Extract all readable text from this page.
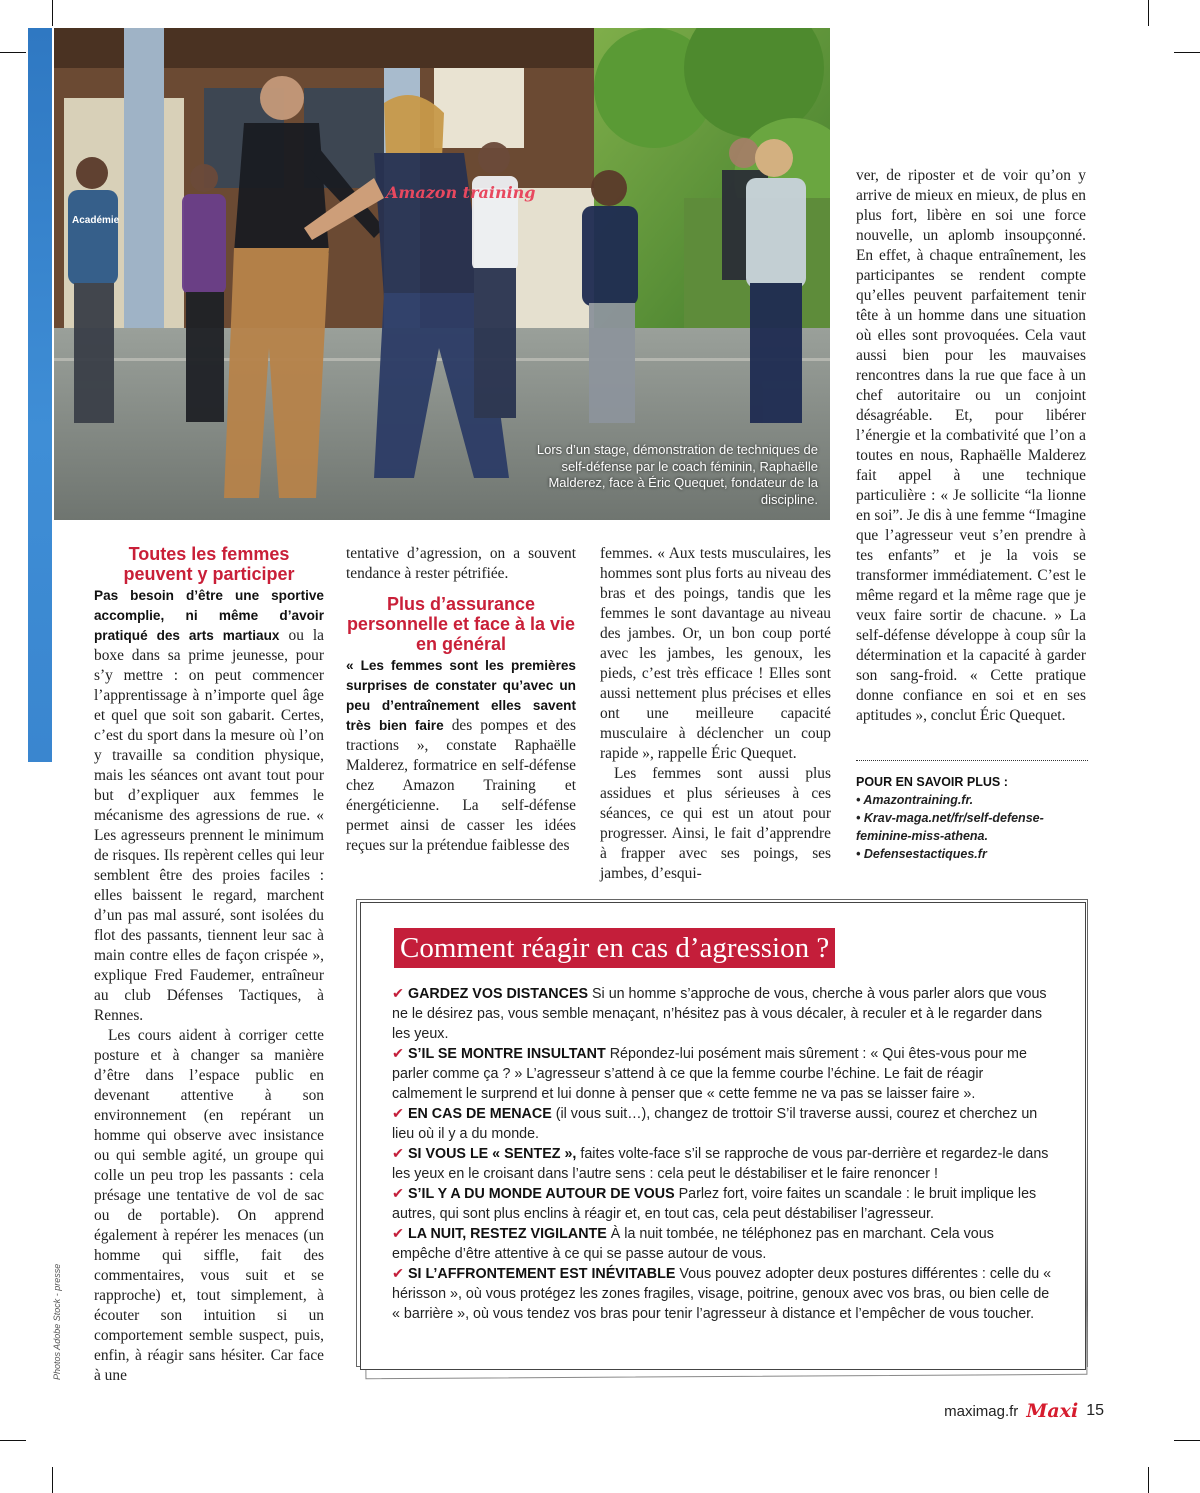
Amazon training
Académie
Lors d’un stage, démonstration de techniques de self-défense par le coach féminin, Raphaëlle Malderez, face à Éric Quequet, fondateur de la discipline.
Toutes les femmes peuvent y participer

Pas besoin d’être une sportive accomplie, ni même d’avoir pratiqué des arts martiaux ou la boxe dans sa prime jeunesse, pour s’y mettre : on peut commencer l’apprentissage à n’importe quel âge et quel que soit son gabarit. Certes, c’est du sport dans la mesure où l’on y travaille sa condition physique, mais les séances ont avant tout pour but d’expliquer aux femmes le mécanisme des agressions de rue. « Les agresseurs prennent le minimum de risques. Ils repèrent celles qui leur semblent être des proies faciles : elles baissent le regard, marchent d’un pas mal assuré, sont isolées du flot des passants, tiennent leur sac à main contre elles de façon crispée », explique Fred Faudemer, entraîneur au club Défenses Tactiques, à Rennes.

Les cours aident à corriger cette posture et à changer sa manière d’être dans l’espace public en devenant attentive à son environnement (en repérant un homme qui observe avec insistance ou qui semble agité, un groupe qui colle un peu trop les passants : cela présage une tentative de vol de sac ou de portable). On apprend également à repérer les menaces (un homme qui siffle, fait des commentaires, vous suit et se rapproche) et, tout simplement, à écouter son intuition si un comportement semble suspect, puis, enfin, à réagir sans hésiter. Car face à une

tentative d’agression, on a souvent tendance à rester pétrifiée.

Plus d’assurance personnelle et face à la vie en général

« Les femmes sont les premières surprises de constater qu’avec un peu d’entraînement elles savent très bien faire des pompes et des tractions », constate Raphaëlle Malderez, formatrice en self-défense chez Amazon Training et énergéticienne. La self-défense permet ainsi de casser les idées reçues sur la prétendue faiblesse des

femmes. « Aux tests musculaires, les hommes sont plus forts au niveau des bras et des poings, tandis que les femmes le sont davantage au niveau des jambes. Or, un bon coup porté avec les jambes, les genoux, les pieds, c’est très efficace ! Elles sont aussi nettement plus précises et elles ont une meilleure capacité musculaire à déclencher un coup rapide », rappelle Éric Quequet.

Les femmes sont aussi plus assidues et plus sérieuses à ces séances, ce qui est un atout pour progresser. Ainsi, le fait d’apprendre à frapper avec ses poings, ses jambes, d’esqui-

ver, de riposter et de voir qu’on y arrive de mieux en mieux, de plus en plus fort, libère en soi une force nouvelle, un aplomb insoupçonné. En effet, à chaque entraînement, les participantes se rendent compte qu’elles peuvent parfaitement tenir tête à un homme dans une situation où elles sont provoquées. Cela vaut aussi bien pour les mauvaises rencontres dans la rue que face à un chef autoritaire ou un conjoint désagréable. Et, pour libérer l’énergie et la combativité que l’on a toutes en nous, Raphaëlle Malderez fait appel à une technique particulière : « Je sollicite “la lionne en soi”. Je dis à une femme “Imagine que l’agresseur veut s’en prendre à tes enfants” et je la vois se transformer immédiatement. C’est le même regard et la même rage que je veux faire sortir de chacune. » La self-défense développe à coup sûr la détermination et la capacité à garder son sang-froid. « Cette pratique donne confiance en soi et en ses aptitudes », conclut Éric Quequet.

POUR EN SAVOIR PLUS :
• Amazontraining.fr.
• Krav-maga.net/fr/self-defense-feminine-miss-athena.
• Defensestactiques.fr
Comment réagir en cas d’agression ?

✔ GARDEZ VOS DISTANCES Si un homme s’approche de vous, cherche à vous parler alors que vous ne le désirez pas, vous semble menaçant, n’hésitez pas à vous décaler, à reculer et à le regarder dans les yeux.

✔ S’IL SE MONTRE INSULTANT Répondez-lui posément mais sûrement : « Qui êtes-vous pour me parler comme ça ? » L’agresseur s’attend à ce que la femme courbe l’échine. Le fait de réagir calmement le surprend et lui donne à penser que « cette femme ne va pas se laisser faire ».

✔ EN CAS DE MENACE (il vous suit…), changez de trottoir S’il traverse aussi, courez et cherchez un lieu où il y a du monde.

✔ SI VOUS LE « SENTEZ », faites volte-face s’il se rapproche de vous par-derrière et regardez-le dans les yeux en le croisant dans l’autre sens : cela peut le déstabiliser et le faire renoncer !

✔ S’IL Y A DU MONDE AUTOUR DE VOUS Parlez fort, voire faites un scandale : le bruit implique les autres, qui sont plus enclins à réagir et, en tout cas, cela peut déstabiliser l’agresseur.

✔ LA NUIT, RESTEZ VIGILANTE À la nuit tombée, ne téléphonez pas en marchant. Cela vous empêche d’être attentive à ce qui se passe autour de vous.

✔ SI L’AFFRONTEMENT EST INÉVITABLE Vous pouvez adopter deux postures différentes : celle du « hérisson », où vous protégez les zones fragiles, visage, poitrine, genoux avec vos bras, ou bien celle de « barrière », où vous tendez vos bras pour tenir l’agresseur à distance et l’empêcher de vous toucher.

Photos Adobe Stock - presse
maximag.fr Maxi 15
